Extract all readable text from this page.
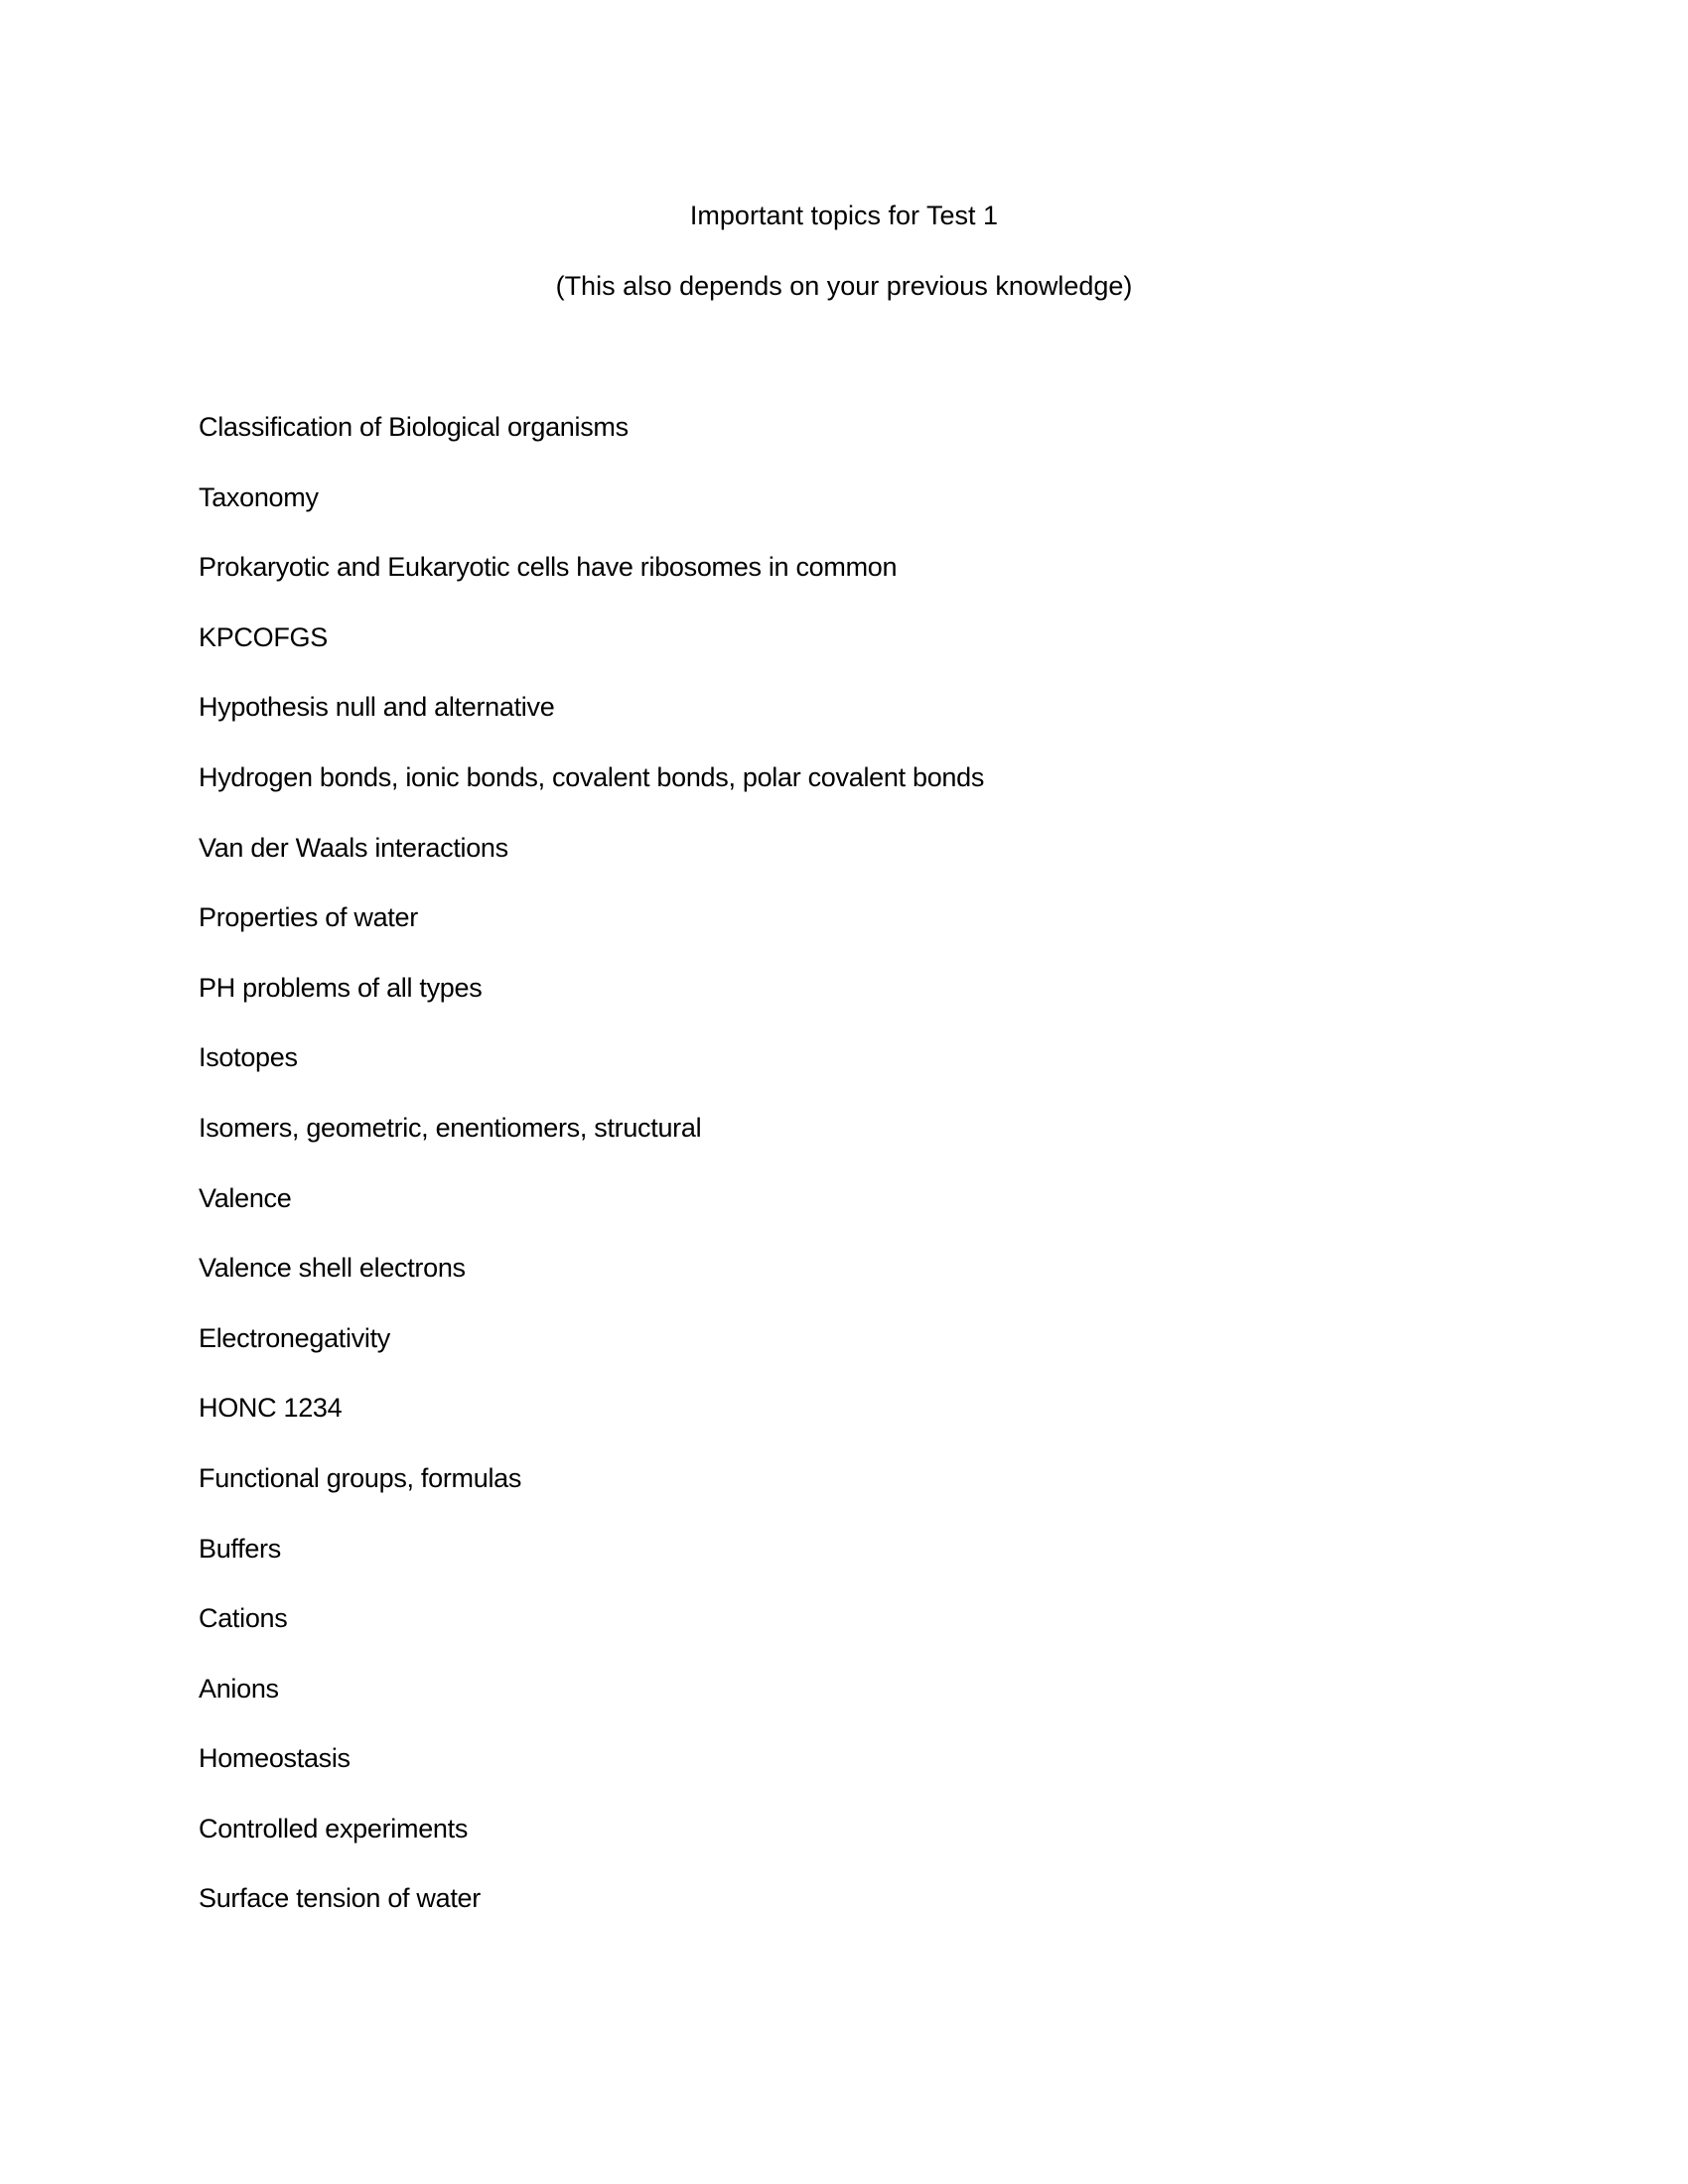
Important topics for Test 1
(This also depends on your previous knowledge)
Classification of Biological organisms
Taxonomy
Prokaryotic and Eukaryotic cells have ribosomes in common
KPCOFGS
Hypothesis null and alternative
Hydrogen bonds, ionic bonds, covalent bonds, polar covalent bonds
Van der Waals interactions
Properties of water
PH problems of all types
Isotopes
Isomers, geometric, enentiomers, structural
Valence
Valence shell electrons
Electronegativity
HONC 1234
Functional groups, formulas
Buffers
Cations
Anions
Homeostasis
Controlled experiments
Surface tension of water
